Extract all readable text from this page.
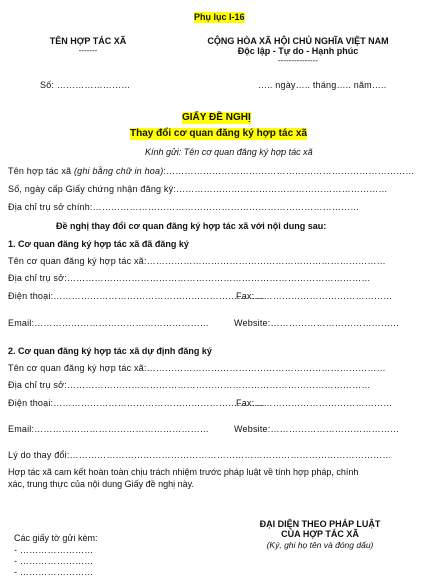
Phụ lục I-16
TÊN HỢP TÁC XÃ
-------
CỘNG HÒA XÃ HỘI CHỦ NGHĨA VIỆT NAM
Độc lập - Tự do - Hạnh phúc
---------------
Số: ……………………	….. ngày….. tháng….. năm…..
GIẤY ĐỀ NGHỊ
Thay đổi cơ quan đăng ký hợp tác xã
Kính gửi: Tên cơ quan đăng ký hợp tác xã
Tên hợp tác xã (ghi bằng chữ in hoa):………………………………………………………………………
Số, ngày cấp Giấy chứng nhận đăng ký:……………………………………………………………
Địa chỉ trụ sở chính:……………………………………………………………………………
Đề nghị thay đổi cơ quan đăng ký hợp tác xã với nội dung sau:
1. Cơ quan đăng ký hợp tác xã đã đăng ký
Tên cơ quan đăng ký hợp tác xã:……………………………………………………………………
Địa chỉ trụ sở:………………………………………………………………………………………
Điện thoại:……………………………………………………………
Fax:………………………………………
Email:…………………………………………………	Website:……………………………………
2. Cơ quan đăng ký hợp tác xã dự định đăng ký
Tên cơ quan đăng ký hợp tác xã:……………………………………………………………………
Địa chỉ trụ sở:………………………………………………………………………………………
Điện thoại:……………………………………………………………
Fax:………………………………………
Email:…………………………………………………	Website:……………………………………
Lý do thay đổi:……………………………………………………………………………………………
Hợp tác xã cam kết hoàn toàn chịu trách nhiệm trước pháp luật về tính hợp pháp, chính
xác, trung thực của nội dung Giấy đề nghị này.
Các giấy tờ gửi kèm:
- ……………………
- ……………………
- ……………………
ĐẠI DIỆN THEO PHÁP LUẬT
CỦA HỢP TÁC XÃ
(Ký, ghi họ tên và đóng dấu)
